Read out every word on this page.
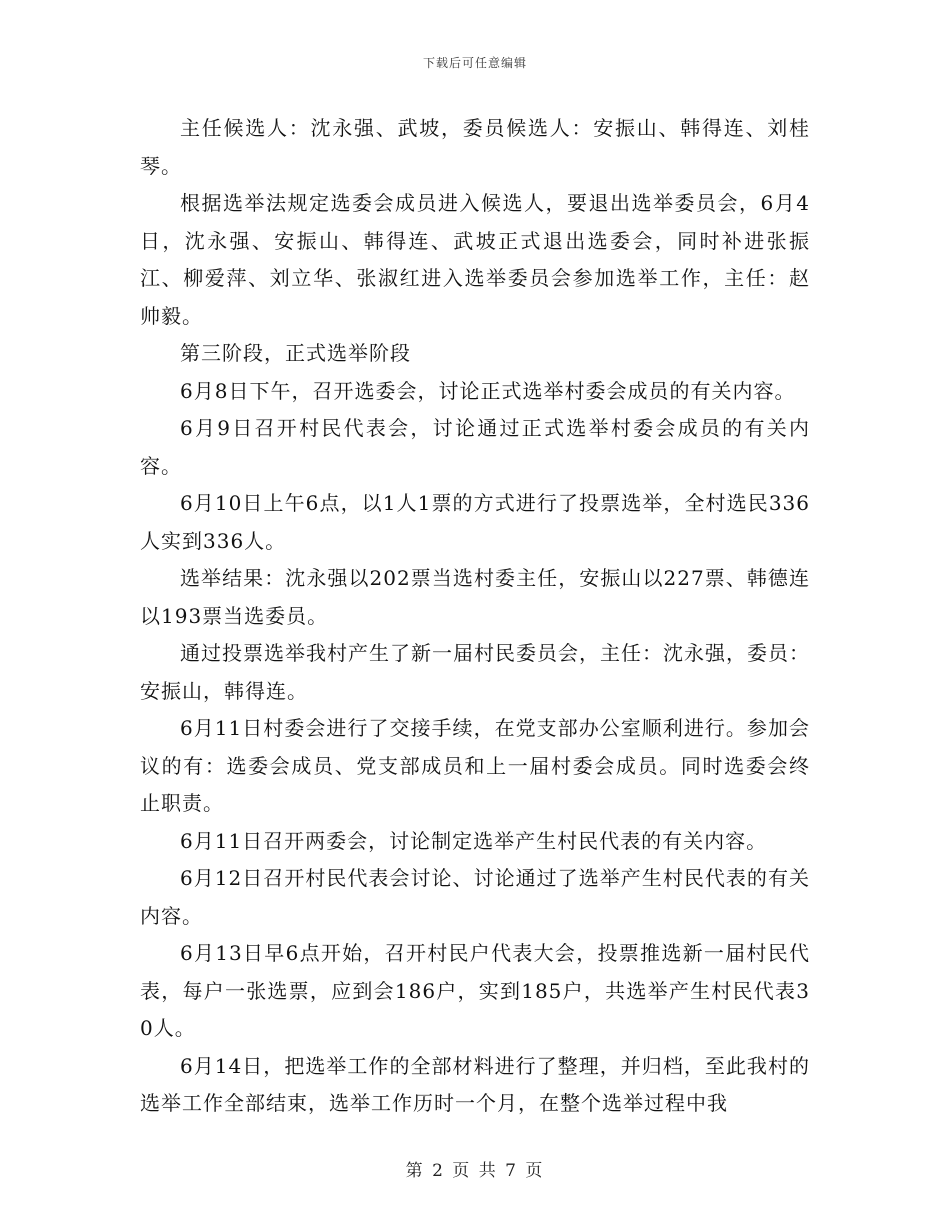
下载后可任意编辑

主任候选人：沈永强、武坡，委员候选人：安振山、韩得连、刘桂琴。

根据选举法规定选委会成员进入候选人，要退出选举委员会，6月4日，沈永强、安振山、韩得连、武坡正式退出选委会，同时补进张振江、柳爱萍、刘立华、张淑红进入选举委员会参加选举工作，主任：赵帅毅。

第三阶段，正式选举阶段

6月8日下午，召开选委会，讨论正式选举村委会成员的有关内容。

6月9日召开村民代表会，讨论通过正式选举村委会成员的有关内容。

6月10日上午6点，以1人1票的方式进行了投票选举，全村选民336人实到336人。

选举结果：沈永强以202票当选村委主任，安振山以227票、韩德连以193票当选委员。

通过投票选举我村产生了新一届村民委员会，主任：沈永强，委员：安振山，韩得连。

6月11日村委会进行了交接手续，在党支部办公室顺利进行。参加会议的有：选委会成员、党支部成员和上一届村委会成员。同时选委会终止职责。

6月11日召开两委会，讨论制定选举产生村民代表的有关内容。

6月12日召开村民代表会讨论、讨论通过了选举产生村民代表的有关内容。

6月13日早6点开始，召开村民户代表大会，投票推选新一届村民代表，每户一张选票，应到会186户，实到185户，共选举产生村民代表30人。

6月14日，把选举工作的全部材料进行了整理，并归档，至此我村的选举工作全部结束，选举工作历时一个月，在整个选举过程中我

第 2 页 共 7 页
